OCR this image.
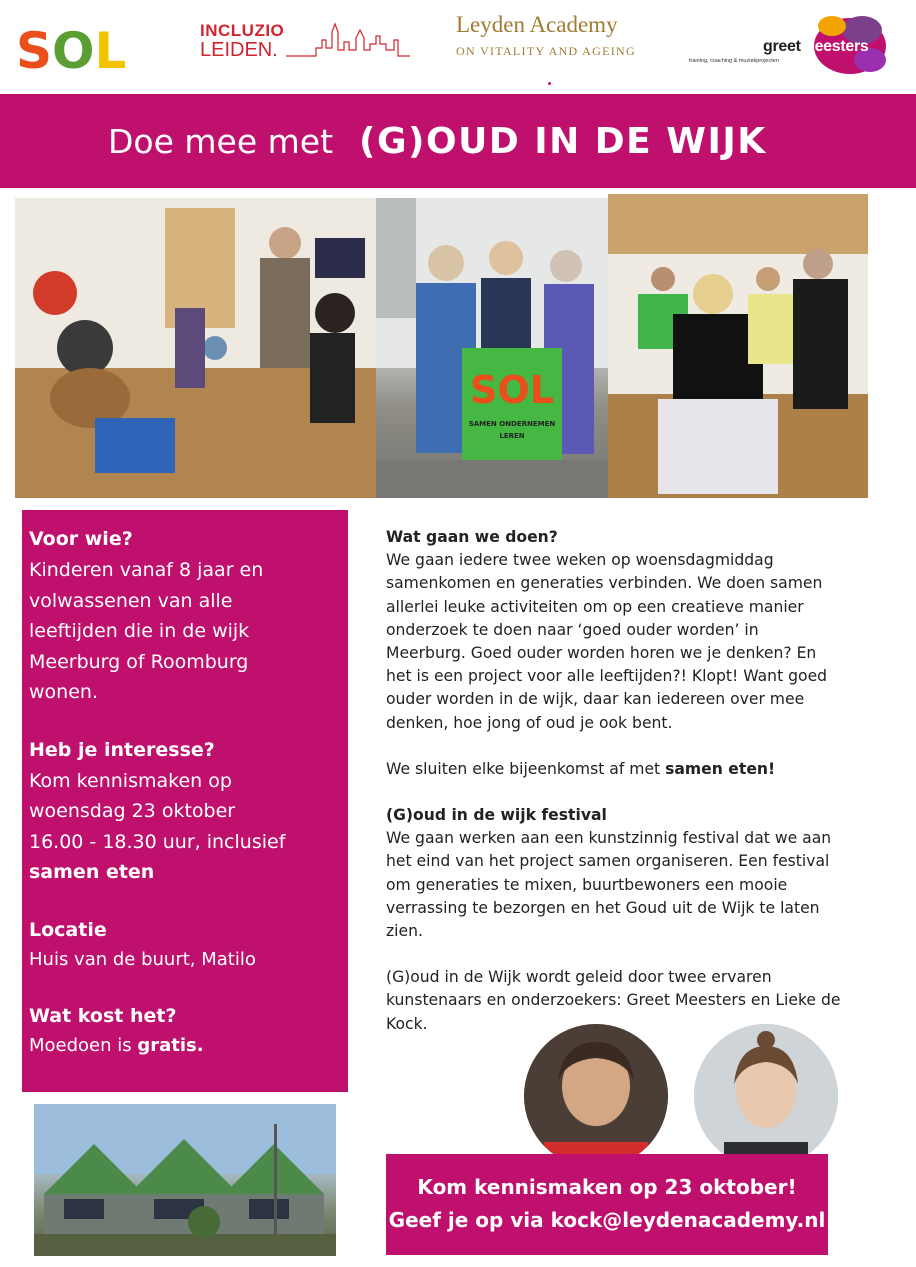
S O L	INCLUZIO
LEIDEN.
Leyden Academy
ON VITALITY AND AGEING	greetmeesters
training, coaching & muziekprojecten
Doe mee met (G)OUD IN DE WIJK
SOL
SAMEN ONDERNEMEN
LEREN
Voor wie?
Kinderen vanaf 8 jaar en
volwassenen van alle
leeftijden die in de wijk
Meerburg of Roomburg
wonen.
Heb je interesse?
Kom kennismaken op
woensdag 23 oktober
16.00 - 18.30 uur, inclusief
samen eten
Locatie
Huis van de buurt, Matilo
Wat kost het?
Moedoen is gratis.
Wat gaan we doen?
We gaan iedere twee weken op woensdagmiddag
samenkomen en generaties verbinden. We doen samen
allerlei leuke activiteiten om op een creatieve manier
onderzoek te doen naar ‘goed ouder worden’ in
Meerburg. Goed ouder worden horen we je denken? En
het is een project voor alle leeftijden?! Klopt! Want goed
ouder worden in de wijk, daar kan iedereen over mee
denken, hoe jong of oud je ook bent.
We sluiten elke bijeenkomst af met samen eten!
(G)oud in de wijk festival
We gaan werken aan een kunstzinnig festival dat we aan
het eind van het project samen organiseren. Een festival
om generaties te mixen, buurtbewoners een mooie
verrassing te bezorgen en het Goud uit de Wijk te laten
zien.
(G)oud in de Wijk wordt geleid door twee ervaren
kunstenaars en onderzoekers: Greet Meesters en Lieke de
Kock.
Kom kennismaken op 23 oktober!
Geef je op via kock@leydenacademy.nl
